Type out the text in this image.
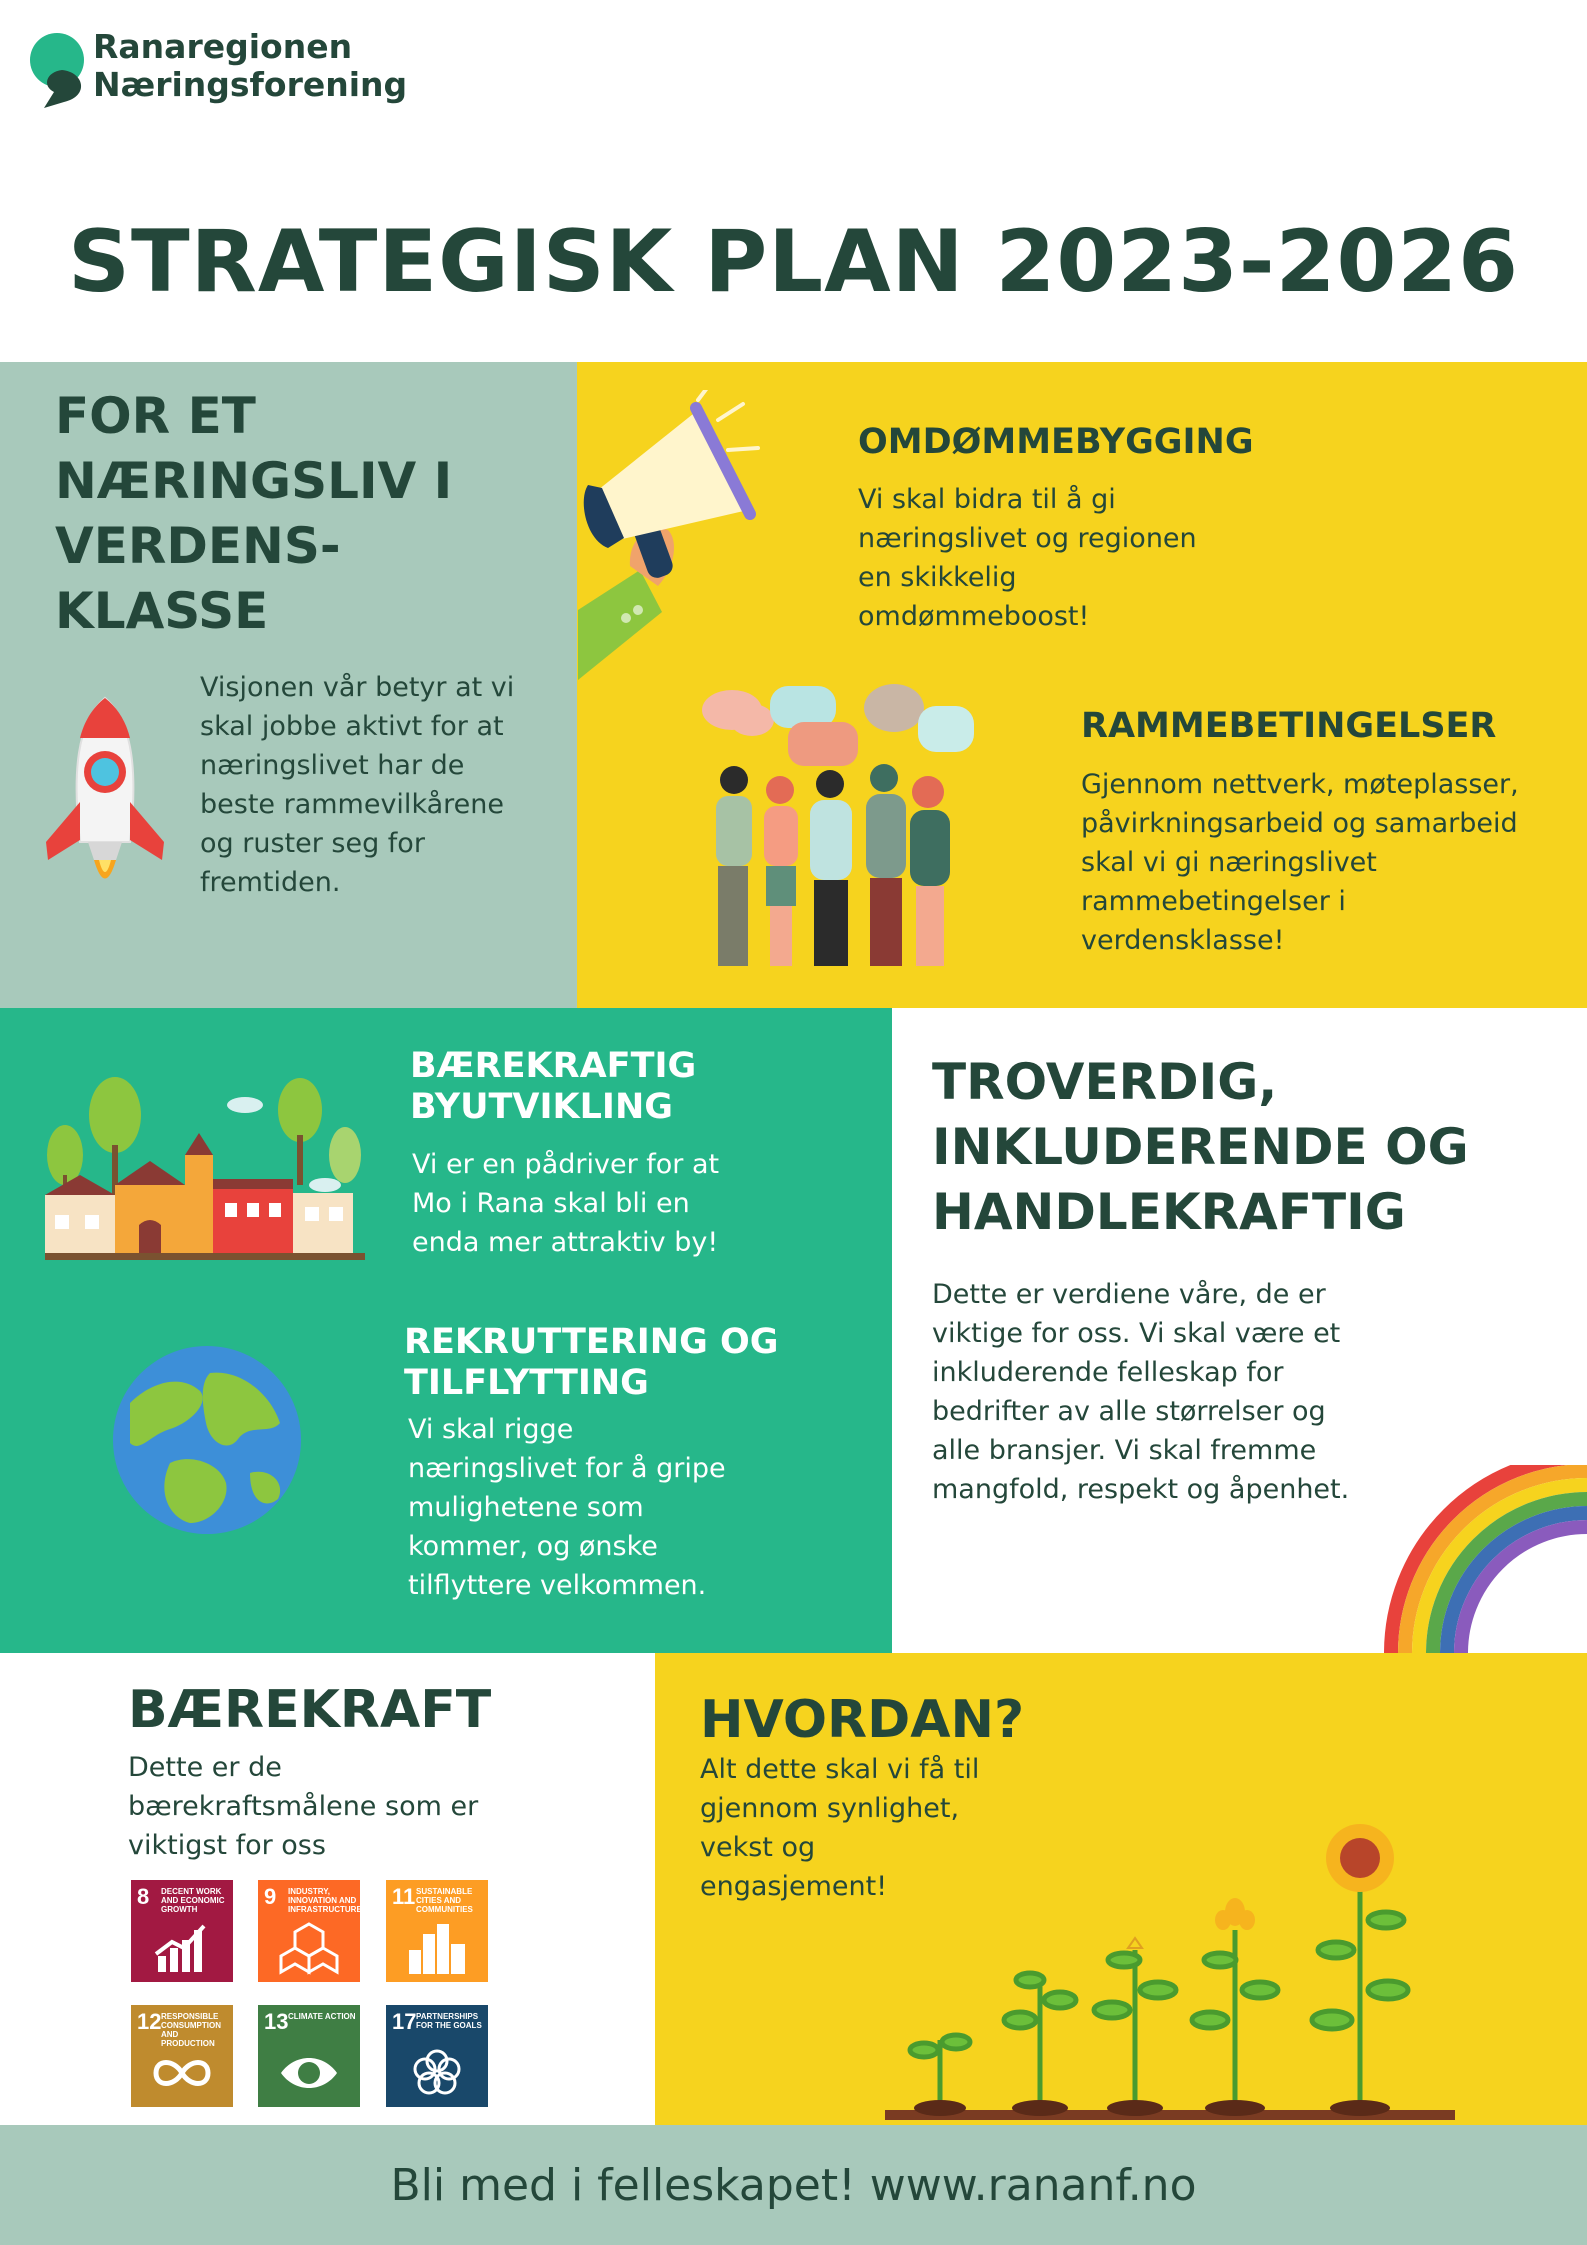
Ranaregionen
Næringsforening
STRATEGISK PLAN 2023-2026
FOR ET
NÆRINGSLIV I
VERDENS-
KLASSE
Visjonen vår betyr at vi
skal jobbe aktivt for at
næringslivet har de
beste rammevilkårene
og ruster seg for
fremtiden.
OMDØMMEBYGGING
Vi skal bidra til å gi
næringslivet og regionen
en skikkelig
omdømmeboost!
RAMMEBETINGELSER
Gjennom nettverk, møteplasser,
påvirkningsarbeid og samarbeid
skal vi gi næringslivet
rammebetingelser i
verdensklasse!
BÆREKRAFTIG
BYUTVIKLING
Vi er en pådriver for at
Mo i Rana skal bli en
enda mer attraktiv by!
REKRUTTERING OG
TILFLYTTING
Vi skal rigge
næringslivet for å gripe
mulighetene som
kommer, og ønske
tilflyttere velkommen.
TROVERDIG,
INKLUDERENDE OG
HANDLEKRAFTIG
Dette er verdiene våre, de er
viktige for oss. Vi skal være et
inkluderende felleskap for
bedrifter av alle størrelser og
alle bransjer. Vi skal fremme
mangfold, respekt og åpenhet.
BÆREKRAFT
Dette er de
bærekraftsmålene som er
viktigst for oss
8 DECENT WORK AND ECONOMIC GROWTH
9 INDUSTRY, INNOVATION AND INFRASTRUCTURE
11 SUSTAINABLE CITIES AND COMMUNITIES
12 RESPONSIBLE CONSUMPTION AND PRODUCTION
13 CLIMATE ACTION 17 PARTNERSHIPS FOR THE GOALS
HVORDAN?
Alt dette skal vi få til
gjennom synlighet,
vekst og
engasjement!
Bli med i felleskapet! www.rananf.no
